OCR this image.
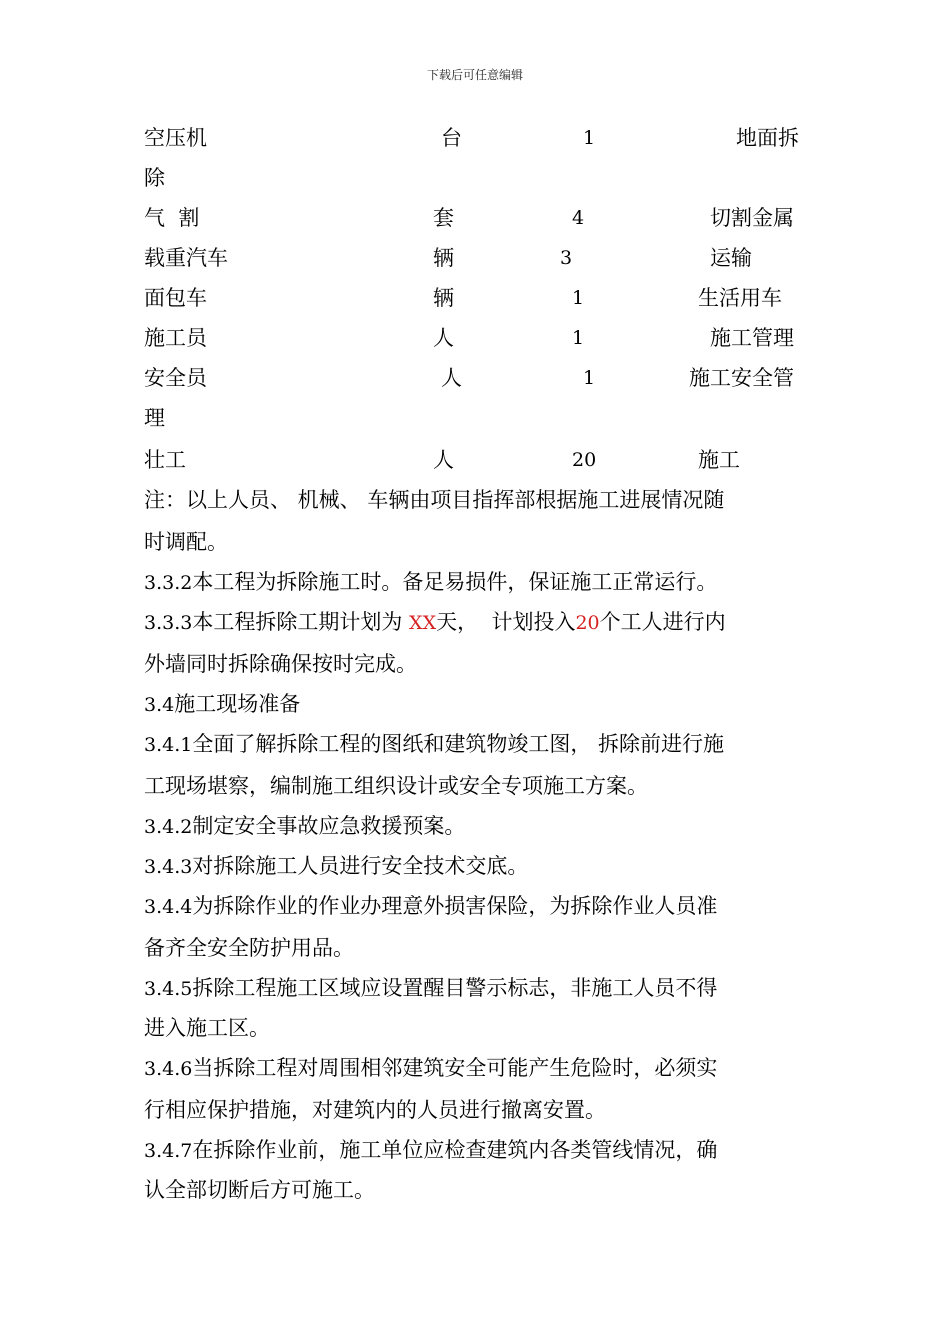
下载后可任意编辑
空压机	台	1	地面拆
除
气  割	套	4	切割金属
载重汽车	辆	3	运输
面包车	辆	1	生活用车
施工员	人	1	施工管理
安全员	人	1	施工安全管
理
壮工	人	20	施工
注：以上人员、 机械、 车辆由项目指挥部根据施工进展情况随
时调配。
3.3.2本工程为拆除施工时。备足易损件，保证施工正常运行。
3.3.3本工程拆除工期计划为 XX天，  计划投入20个工人进行内
外墙同时拆除确保按时完成。
3.4施工现场准备
3.4.1全面了解拆除工程的图纸和建筑物竣工图， 拆除前进行施
工现场堪察，编制施工组织设计或安全专项施工方案。
3.4.2制定安全事故应急救援预案。
3.4.3对拆除施工人员进行安全技术交底。
3.4.4为拆除作业的作业办理意外损害保险，为拆除作业人员准
备齐全安全防护用品。
3.4.5拆除工程施工区域应设置醒目警示标志，非施工人员不得
进入施工区。
3.4.6当拆除工程对周围相邻建筑安全可能产生危险时，必须实
行相应保护措施，对建筑内的人员进行撤离安置。
3.4.7在拆除作业前，施工单位应检查建筑内各类管线情况，确
认全部切断后方可施工。
